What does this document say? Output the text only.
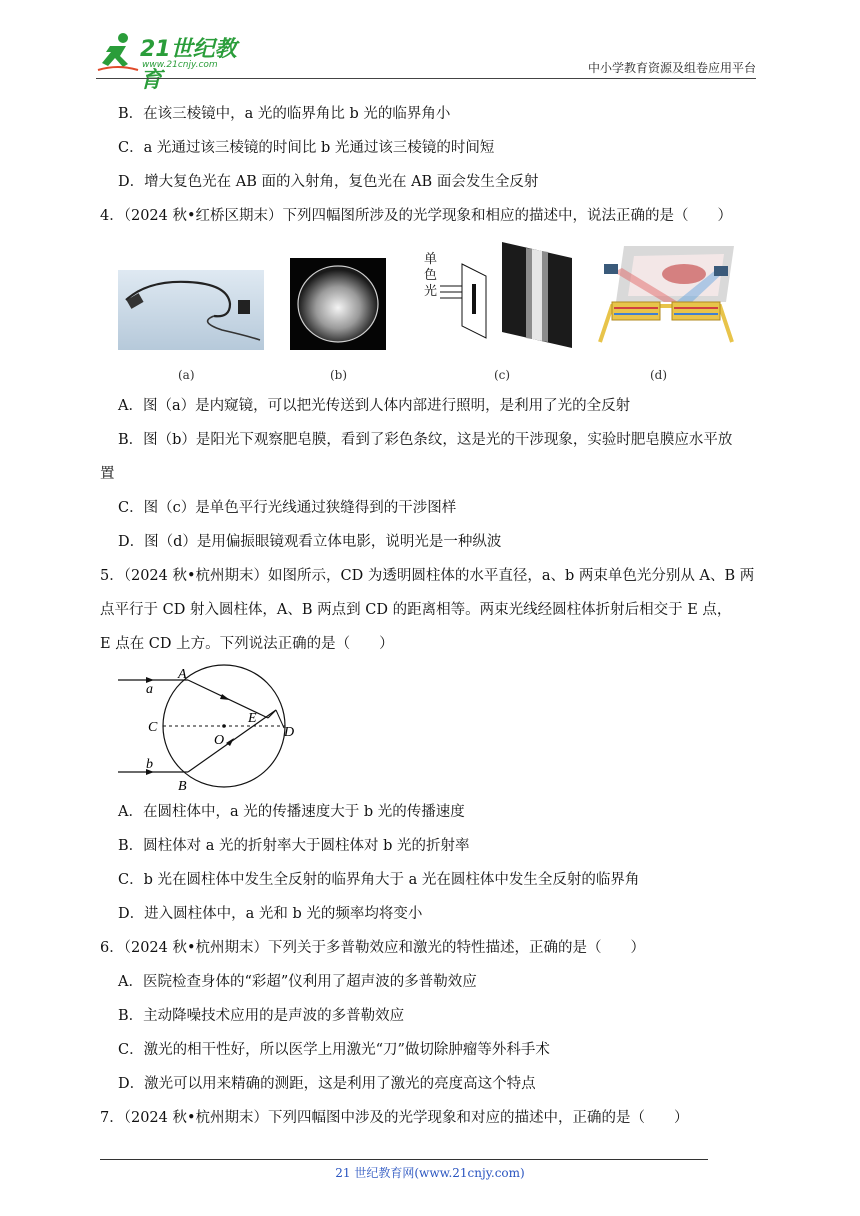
21世纪教育
www.21cnjy.com	中小学教育资源及组卷应用平台
B．在该三棱镜中，a 光的临界角比 b 光的临界角小
C．a 光通过该三棱镜的时间比 b 光通过该三棱镜的时间短
D．增大复色光在 AB 面的入射角，复色光在 AB 面会发生全反射
4．（2024 秋•红桥区期末）下列四幅图所涉及的光学现象和相应的描述中，说法正确的是（　　）
(a)	(b)
单
色
光
(c)	(d)
A．图（a）是内窥镜，可以把光传送到人体内部进行照明，是利用了光的全反射
B．图（b）是阳光下观察肥皂膜，看到了彩色条纹，这是光的干涉现象，实验时肥皂膜应水平放
置
C．图（c）是单色平行光线通过狭缝得到的干涉图样
D．图（d）是用偏振眼镜观看立体电影，说明光是一种纵波
5．（2024 秋•杭州期末）如图所示，CD 为透明圆柱体的水平直径，a、b 两束单色光分别从 A、B 两
点平行于 CD 射入圆柱体，A、B 两点到 CD 的距离相等。两束光线经圆柱体折射后相交于 E 点，
E 点在 CD 上方。下列说法正确的是（　　）
A
a
C
E
D
O
b
B
A．在圆柱体中，a 光的传播速度大于 b 光的传播速度
B．圆柱体对 a 光的折射率大于圆柱体对 b 光的折射率
C．b 光在圆柱体中发生全反射的临界角大于 a 光在圆柱体中发生全反射的临界角
D．进入圆柱体中，a 光和 b 光的频率均将变小
6．（2024 秋•杭州期末）下列关于多普勒效应和激光的特性描述，正确的是（　　）
A．医院检查身体的“彩超”仪利用了超声波的多普勒效应
B．主动降噪技术应用的是声波的多普勒效应
C．激光的相干性好，所以医学上用激光“刀”做切除肿瘤等外科手术
D．激光可以用来精确的测距，这是利用了激光的亮度高这个特点
7．（2024 秋•杭州期末）下列四幅图中涉及的光学现象和对应的描述中，正确的是（　　）
21 世纪教育网(www.21cnjy.com)
